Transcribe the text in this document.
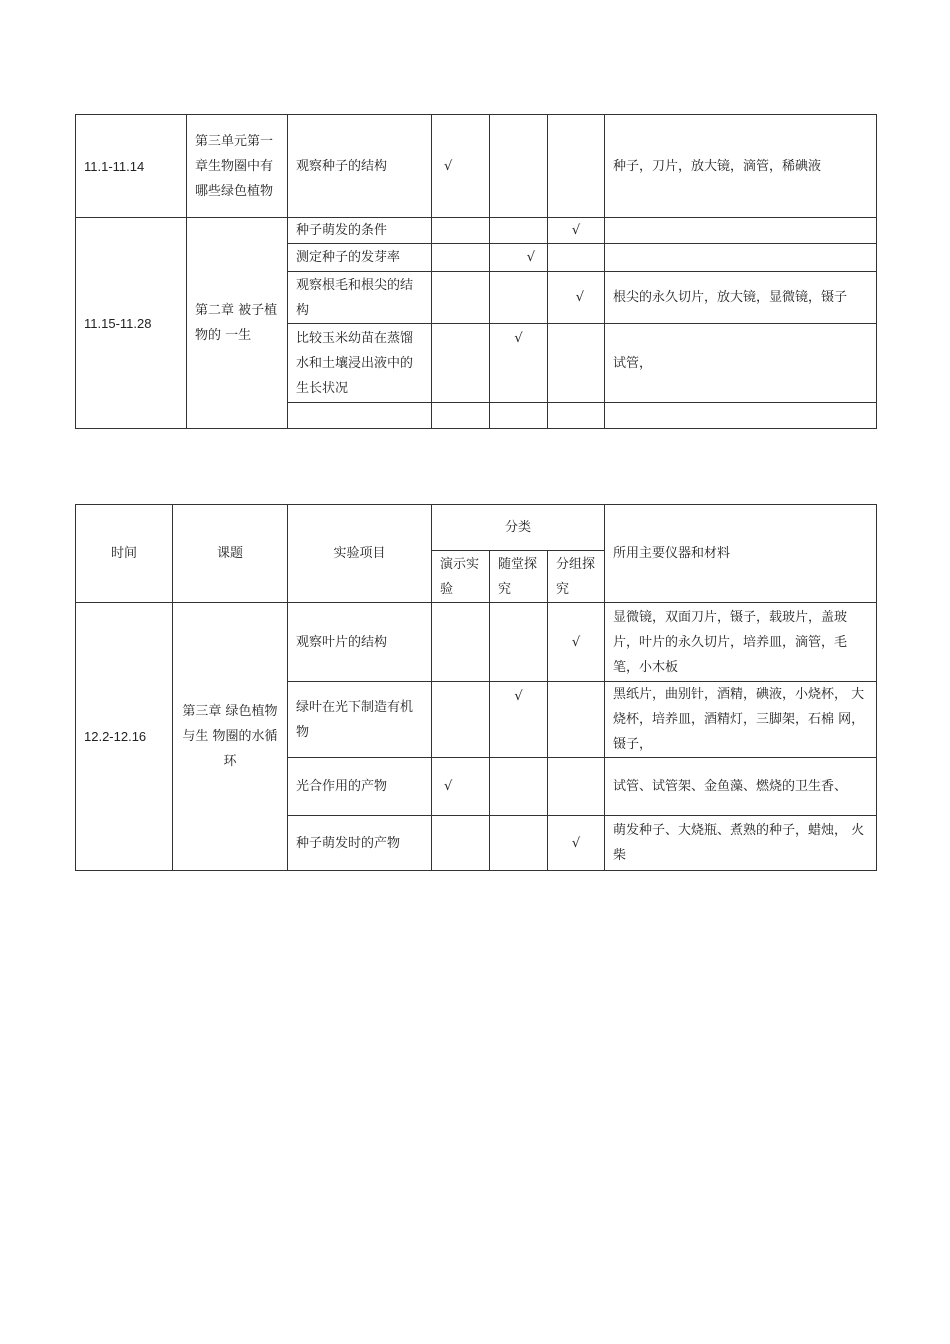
11.1-11.14	第三单元第一章生物圈中有哪些绿色植物	观察种子的结构	√			种子，刀片，放大镜，滴管，稀碘液
11.15-11.28	第二章 被子植物的 一生	种子萌发的条件			√	
		测定种子的发芽率		√		
		观察根毛和根尖的结构			√	根尖的永久切片，放大镜，显微镜，镊子
		比较玉米幼苗在蒸馏水和土壤浸出液中的生长状况		√		试管，

时间	课题	实验项目	分类			所用主要仪器和材料
			演示实验	随堂探究	分组探究	
12.2-12.16	第三章 绿色植物与生 物圈的水循环	观察叶片的结构			√	显微镜，双面刀片，镊子，载玻片，盖玻 片，叶片的永久切片，培养皿，滴管，毛 笔，小木板
		绿叶在光下制造有机物		√		黑纸片，曲别针，酒精，碘液，小烧杯， 大烧杯，培养皿，酒精灯，三脚架，石棉 网，镊子，
		光合作用的产物	√			试管、试管架、金鱼藻、燃烧的卫生香、
		种子萌发时的产物			√	萌发种子、大烧瓶、煮熟的种子，蜡烛， 火柴
